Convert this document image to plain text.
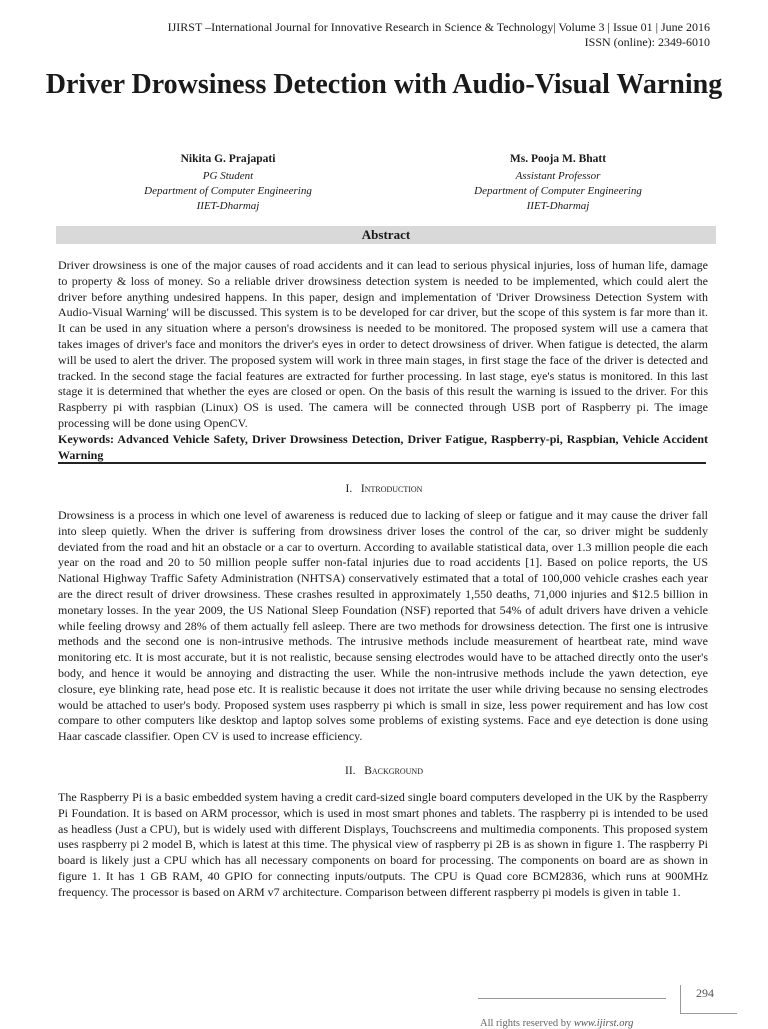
IJIRST –International Journal for Innovative Research in Science & Technology| Volume 3 | Issue 01 | June 2016
ISSN (online): 2349-6010
Driver Drowsiness Detection with Audio-Visual Warning
Nikita G. Prajapati
PG Student
Department of Computer Engineering
IIET-Dharmaj
Ms. Pooja M. Bhatt
Assistant Professor
Department of Computer Engineering
IIET-Dharmaj
Abstract
Driver drowsiness is one of the major causes of road accidents and it can lead to serious physical injuries, loss of human life, damage to property & loss of money. So a reliable driver drowsiness detection system is needed to be implemented, which could alert the driver before anything undesired happens. In this paper, design and implementation of 'Driver Drowsiness Detection System with Audio-Visual Warning' will be discussed. This system is to be developed for car driver, but the scope of this system is far more than it. It can be used in any situation where a person's drowsiness is needed to be monitored. The proposed system will use a camera that takes images of driver's face and monitors the driver's eyes in order to detect drowsiness of driver. When fatigue is detected, the alarm will be used to alert the driver. The proposed system will work in three main stages, in first stage the face of the driver is detected and tracked. In the second stage the facial features are extracted for further processing. In last stage, eye's status is monitored. In this last stage it is determined that whether the eyes are closed or open. On the basis of this result the warning is issued to the driver. For this Raspberry pi with raspbian (Linux) OS is used. The camera will be connected through USB port of Raspberry pi. The image processing will be done using OpenCV.
Keywords: Advanced Vehicle Safety, Driver Drowsiness Detection, Driver Fatigue, Raspberry-pi, Raspbian, Vehicle Accident Warning
I. Introduction
Drowsiness is a process in which one level of awareness is reduced due to lacking of sleep or fatigue and it may cause the driver fall into sleep quietly. When the driver is suffering from drowsiness driver loses the control of the car, so driver might be suddenly deviated from the road and hit an obstacle or a car to overturn. According to available statistical data, over 1.3 million people die each year on the road and 20 to 50 million people suffer non-fatal injuries due to road accidents [1]. Based on police reports, the US National Highway Traffic Safety Administration (NHTSA) conservatively estimated that a total of 100,000 vehicle crashes each year are the direct result of driver drowsiness. These crashes resulted in approximately 1,550 deaths, 71,000 injuries and $12.5 billion in monetary losses. In the year 2009, the US National Sleep Foundation (NSF) reported that 54% of adult drivers have driven a vehicle while feeling drowsy and 28% of them actually fell asleep. There are two methods for drowsiness detection. The first one is intrusive methods and the second one is non-intrusive methods. The intrusive methods include measurement of heartbeat rate, mind wave monitoring etc. It is most accurate, but it is not realistic, because sensing electrodes would have to be attached directly onto the user's body, and hence it would be annoying and distracting the user. While the non-intrusive methods include the yawn detection, eye closure, eye blinking rate, head pose etc. It is realistic because it does not irritate the user while driving because no sensing electrodes would be attached to user's body. Proposed system uses raspberry pi which is small in size, less power requirement and has low cost compare to other computers like desktop and laptop solves some problems of existing systems. Face and eye detection is done using Haar cascade classifier. Open CV is used to increase efficiency.
II. Background
The Raspberry Pi is a basic embedded system having a credit card-sized single board computers developed in the UK by the Raspberry Pi Foundation. It is based on ARM processor, which is used in most smart phones and tablets. The raspberry pi is intended to be used as headless (Just a CPU), but is widely used with different Displays, Touchscreens and multimedia components. This proposed system uses raspberry pi 2 model B, which is latest at this time. The physical view of raspberry pi 2B is as shown in figure 1. The raspberry Pi board is likely just a CPU which has all necessary components on board for processing. The components on board are as shown in figure 1. It has 1 GB RAM, 40 GPIO for connecting inputs/outputs. The CPU is Quad core BCM2836, which runs at 900MHz frequency. The processor is based on ARM v7 architecture. Comparison between different raspberry pi models is given in table 1.
All rights reserved by www.ijirst.org
294
